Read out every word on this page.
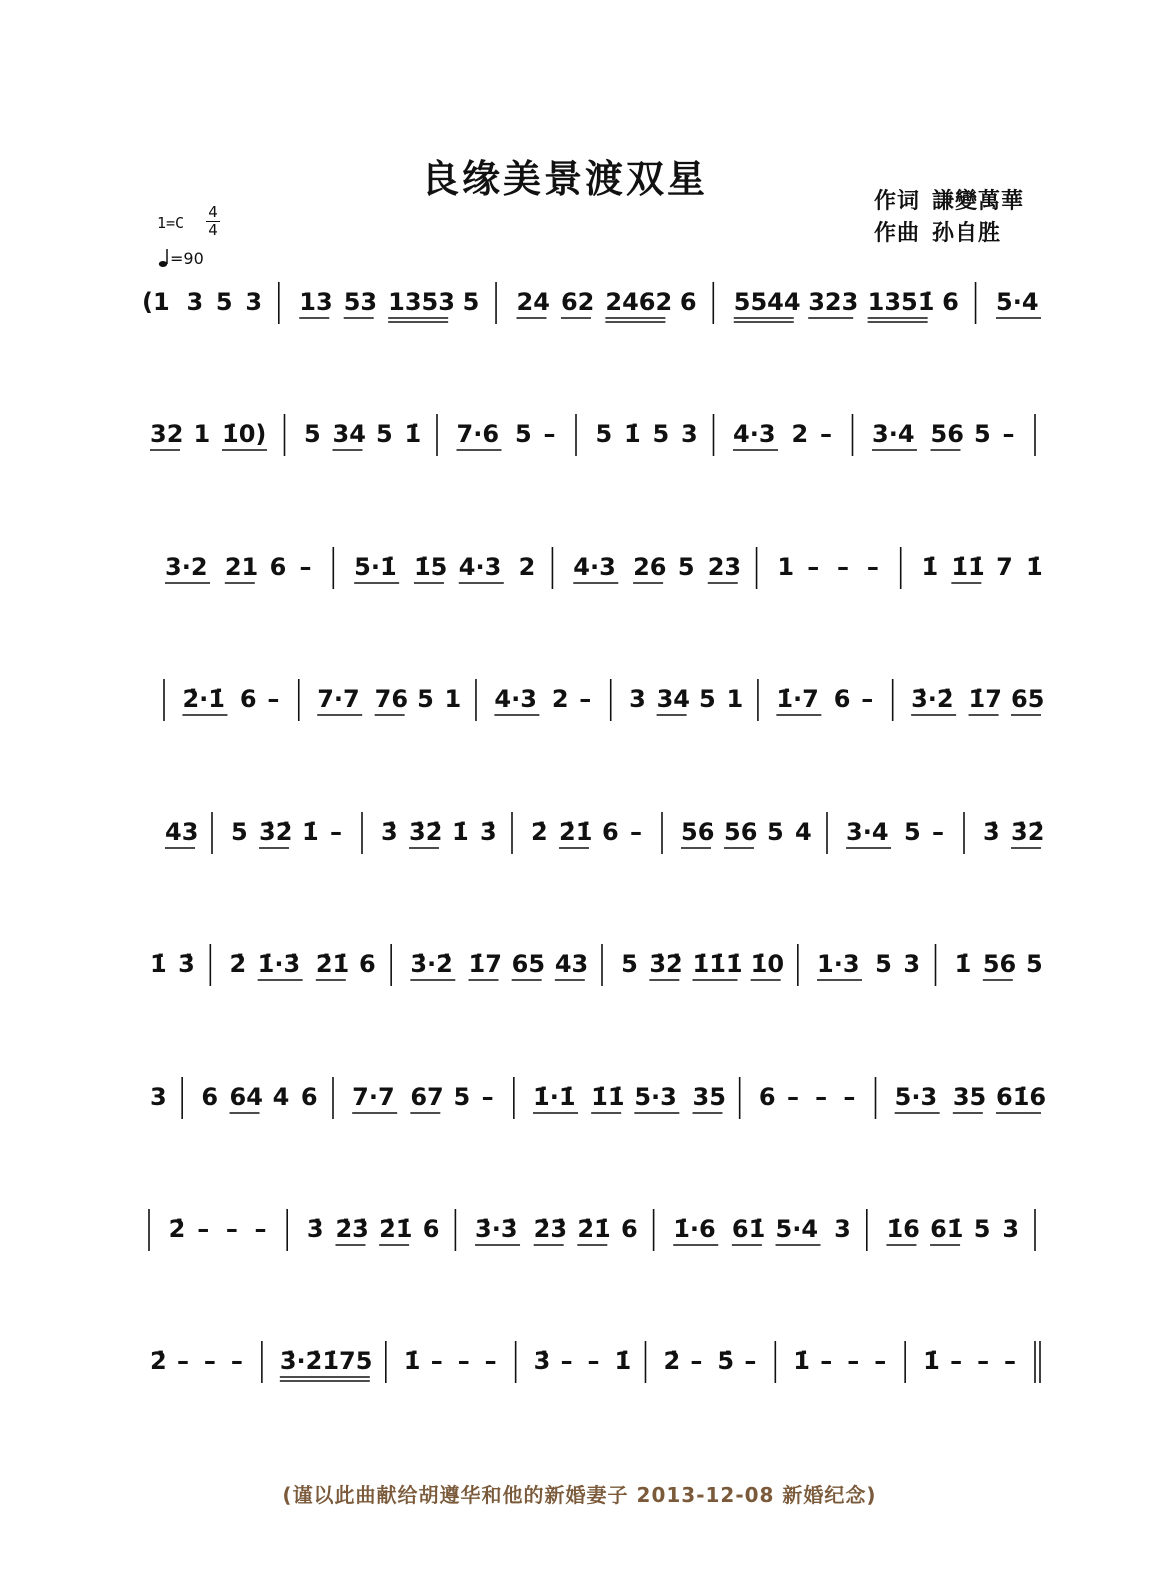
良缘美景渡双星
作词 謙變萬華
作曲 孙自胜
1=C
4
4
=90
(1 3 5 3 13 53 1353 5 24 62 2462 6 5544 323 1351̇ 6 5·4
32 1 1̇0) 5 34 5 1̇ 7·6 5 – 5 1̇ 5 3 4·3 2 – 3·4 56 5 –
3·2 21 6 – 5·1̇ 1̇5 4·3 2 4·3 26 5 23 1 – – – 1̇ 1̇1̇ 7 1̇
2̇·1̇ 6 – 7·7 76 5 1 4·3 2 – 3 34 5 1 1̇·7 6 – 3̇·2̇ 1̇7 65
43 5 3̇2̇ 1̇ – 3̇ 3̇2̇ 1̇ 3̇ 2̇ 2̇1̇ 6 – 56 56 5 4 3·4 5 – 3̇ 3̇2̇
1̇ 3̇ 2̇ 1̇·3̇ 2̇1̇ 6 3̇·2̇ 1̇7 65 43 5 3̇2̇ 1̇1̇1̇ 1̇0 1·3 5 3 1̇ 56 5
3 6 64 4 6 7·7 67 5 – 1̇·1̇ 1̇1̇ 5·3 35 6 – – – 5·3 35 61̇6
2̇ – – – 3̇ 2̇3̇ 2̇1̇ 6 3̇·3̇ 2̇3̇ 2̇1̇ 6 1̇·6 61̇ 5·4 3 1̇6 61̇ 5 3
2̇ – – – 3̇·2̇1̇75 1̇ – – – 3̇ – – 1̇ 2̇ – 5̇ – 1̇ – – – 1̇ – – –
(谨以此曲献给胡遵华和他的新婚妻子 2013-12-08 新婚纪念)
